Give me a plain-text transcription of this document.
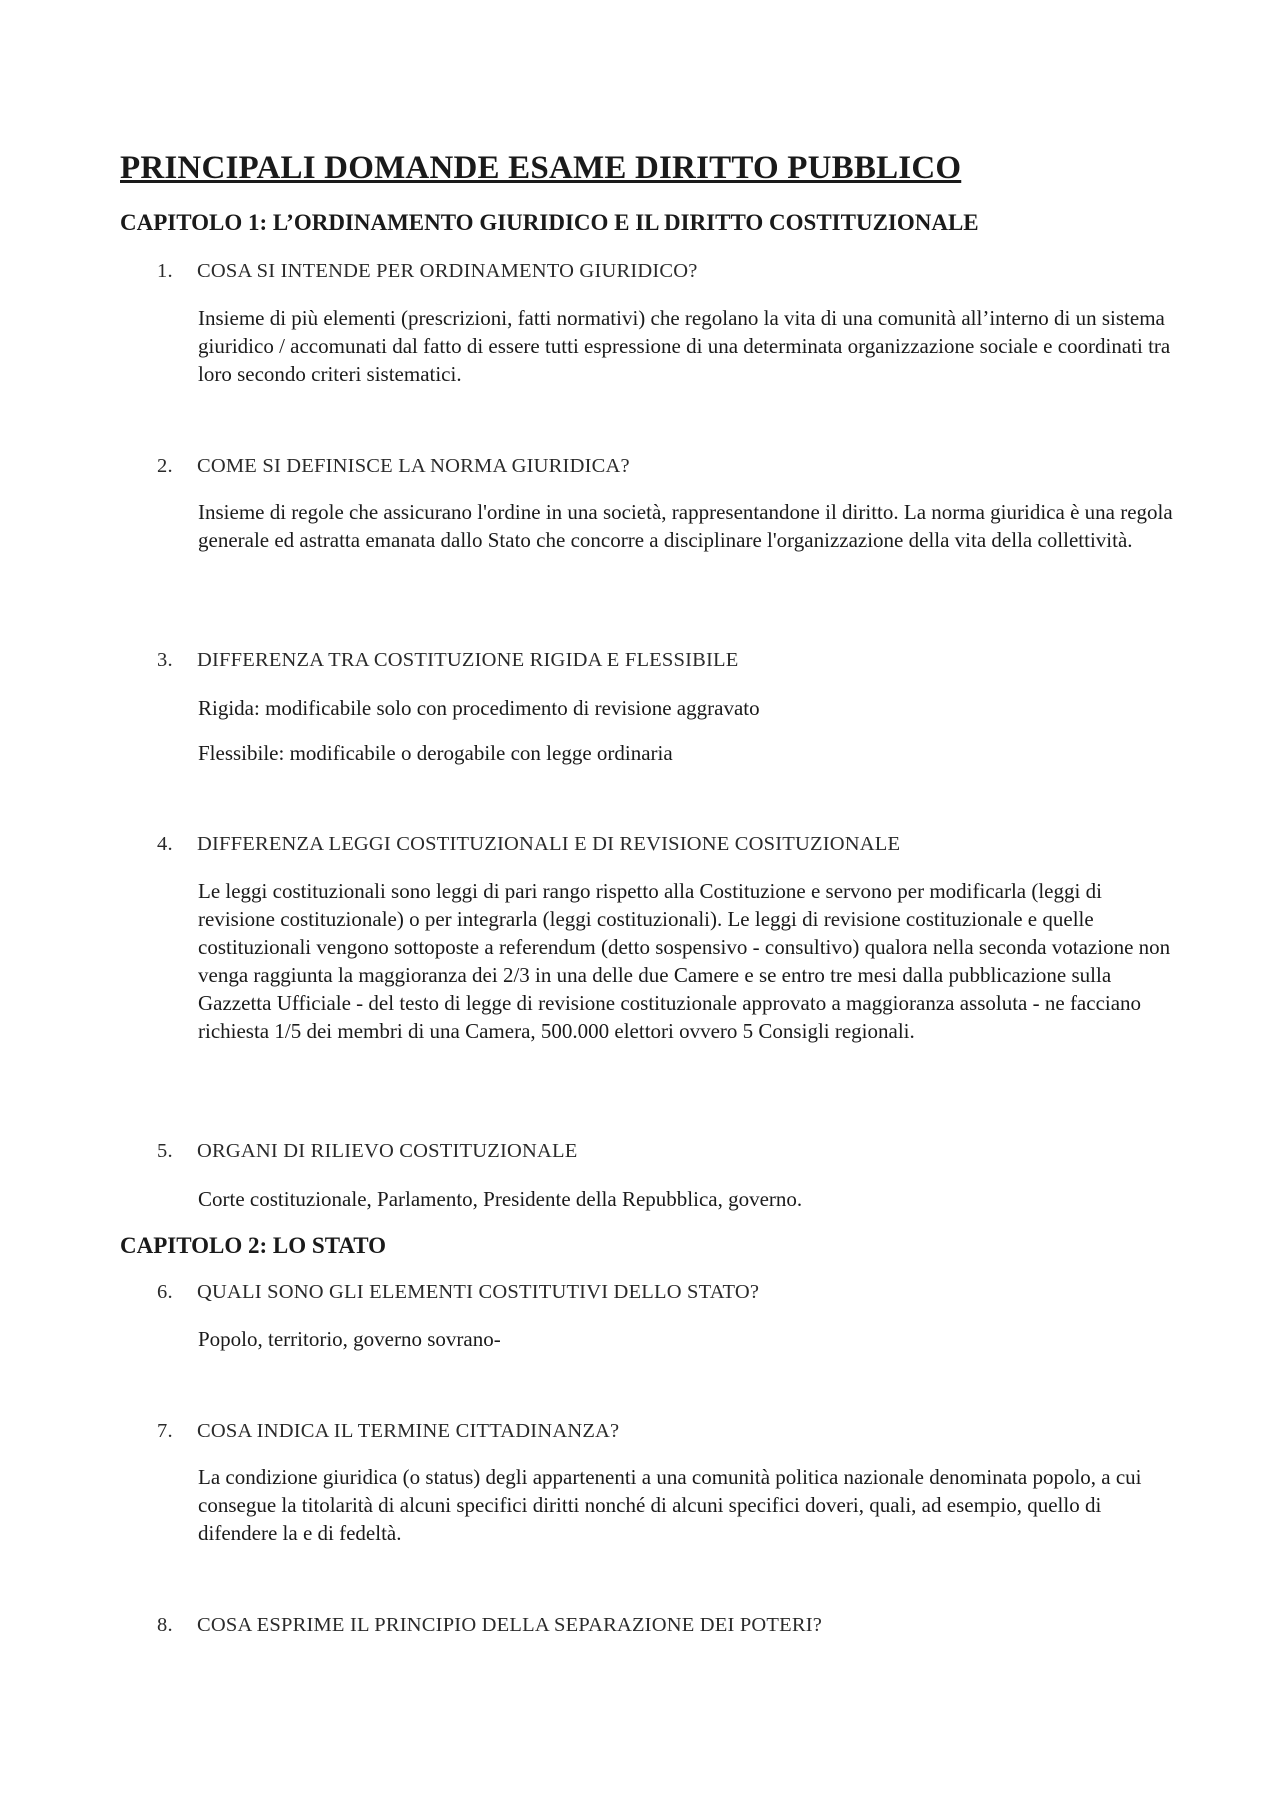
PRINCIPALI DOMANDE ESAME DIRITTO PUBBLICO
CAPITOLO 1: L’ORDINAMENTO GIURIDICO E IL DIRITTO COSTITUZIONALE

1. COSA SI INTENDE PER ORDINAMENTO GIURIDICO?

Insieme di più elementi (prescrizioni, fatti normativi) che regolano la vita di una comunità all’interno di un sistema giuridico / accomunati dal fatto di essere tutti espressione di una determinata organizzazione sociale e coordinati tra loro secondo criteri sistematici.

2. COME SI DEFINISCE LA NORMA GIURIDICA?

Insieme di regole che assicurano l'ordine in una società, rappresentandone il diritto. La norma giuridica è una regola generale ed astratta emanata dallo Stato che concorre a disciplinare l'organizzazione della vita della collettività.

3. DIFFERENZA TRA COSTITUZIONE RIGIDA E FLESSIBILE

Rigida: modificabile solo con procedimento di revisione aggravato

Flessibile: modificabile o derogabile con legge ordinaria

4. DIFFERENZA LEGGI COSTITUZIONALI E DI REVISIONE COSITUZIONALE

Le leggi costituzionali sono leggi di pari rango rispetto alla Costituzione e servono per modificarla (leggi di revisione costituzionale) o per integrarla (leggi costituzionali). Le leggi di revisione costituzionale e quelle costituzionali vengono sottoposte a referendum (detto sospensivo - consultivo) qualora nella seconda votazione non venga raggiunta la maggioranza dei 2/3 in una delle due Camere e se entro tre mesi dalla pubblicazione sulla Gazzetta Ufficiale - del testo di legge di revisione costituzionale approvato a maggioranza assoluta - ne facciano richiesta 1/5 dei membri di una Camera, 500.000 elettori ovvero 5 Consigli regionali.

5. ORGANI DI RILIEVO COSTITUZIONALE

Corte costituzionale, Parlamento, Presidente della Repubblica, governo.

CAPITOLO 2: LO STATO

6. QUALI SONO GLI ELEMENTI COSTITUTIVI DELLO STATO?

Popolo, territorio, governo sovrano-

7. COSA INDICA IL TERMINE CITTADINANZA?

La condizione giuridica (o status) degli appartenenti a una comunità politica nazionale denominata popolo, a cui consegue la titolarità di alcuni specifici diritti nonché di alcuni specifici doveri, quali, ad esempio, quello di difendere la e di fedeltà.

8. COSA ESPRIME IL PRINCIPIO DELLA SEPARAZIONE DEI POTERI?
